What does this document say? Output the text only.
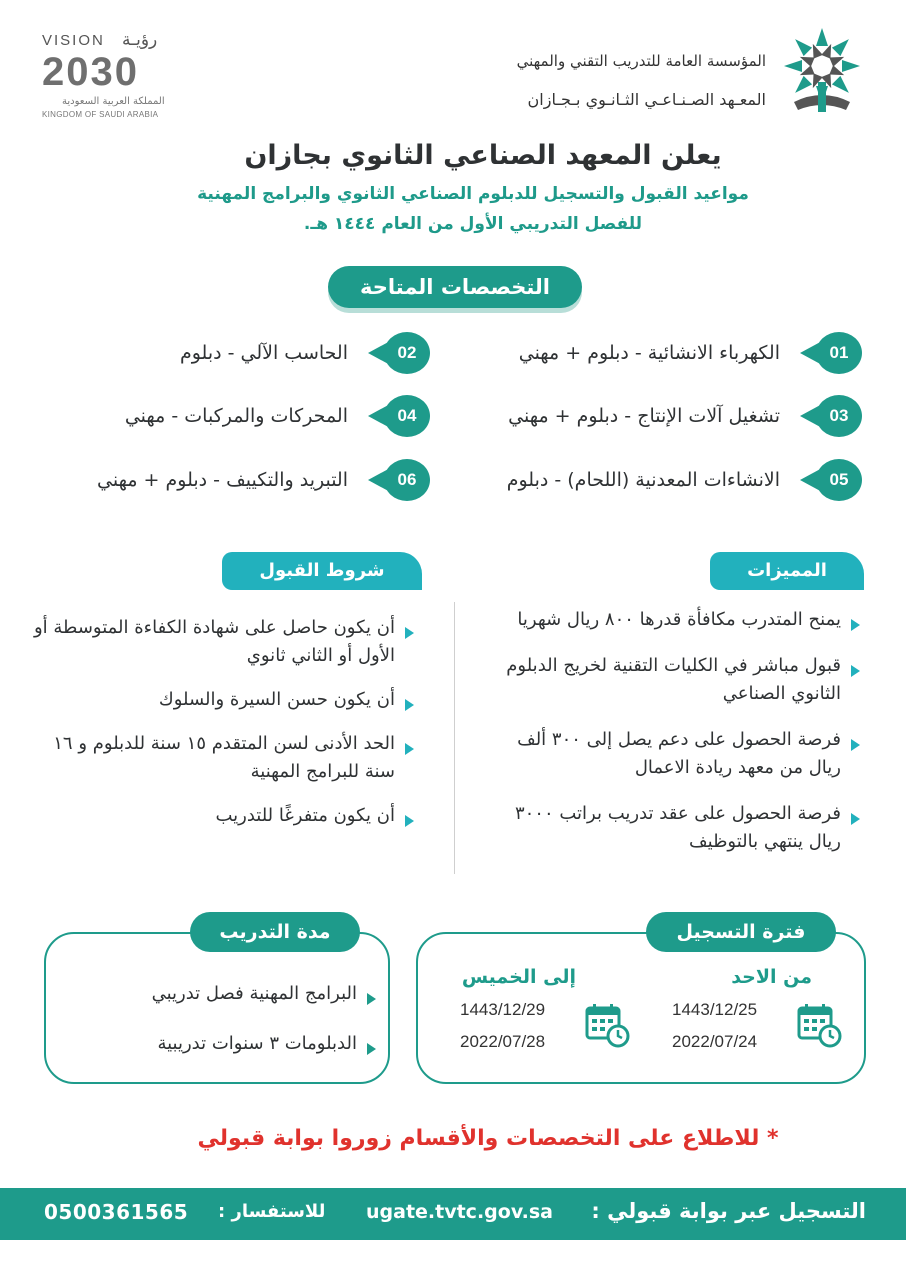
المؤسسة العامة للتدريب التقني والمهني
المعـهد الصـنـاعـي الثـانـوي بـجـازان
VISION رؤيـة
2030
المملكة العربية السعودية
KINGDOM OF SAUDI ARABIA
يعلن المعهد الصناعي الثانوي بجازان
مواعيد القبول والتسجيل للدبلوم الصناعي الثانوي والبرامج المهنية
للفصل التدريبي الأول من العام ١٤٤٤ هـ.
التخصصات المتاحة
01
الكهرباء الانشائية - دبلوم + مهني
02
الحاسب الآلي - دبلوم
03
تشغيل آلات الإنتاج - دبلوم + مهني
04
المحركات والمركبات - مهني
05
الانشاءات المعدنية (اللحام) - دبلوم
06
التبريد والتكييف - دبلوم + مهني
المميزات
شروط القبول
يمنح المتدرب مكافأة قدرها ٨٠٠ ريال شهريا
قبول مباشر في الكليات التقنية لخريج الدبلوم الثانوي الصناعي
فرصة الحصول على دعم يصل إلى ٣٠٠ ألف ريال من معهد ريادة الاعمال
فرصة الحصول على عقد تدريب براتب ٣٠٠٠ ريال ينتهي بالتوظيف
أن يكون حاصل على شهادة الكفاءة المتوسطة أو الأول أو الثاني ثانوي
أن يكون حسن السيرة والسلوك
الحد الأدنى لسن المتقدم ١٥ سنة للدبلوم و ١٦ سنة للبرامج المهنية
أن يكون متفرغًا للتدريب
فترة التسجيل
من الاحد
1443/12/25
2022/07/24
إلى الخميس
1443/12/29
2022/07/28
مدة التدريب
البرامج المهنية فصل تدريبي
الدبلومات ٣ سنوات تدريبية
* للاطلاع على التخصصات والأقسام زوروا بوابة قبولي
التسجيل عبر بوابة قبولي :
ugate.tvtc.gov.sa
للاستفسار :
0500361565
